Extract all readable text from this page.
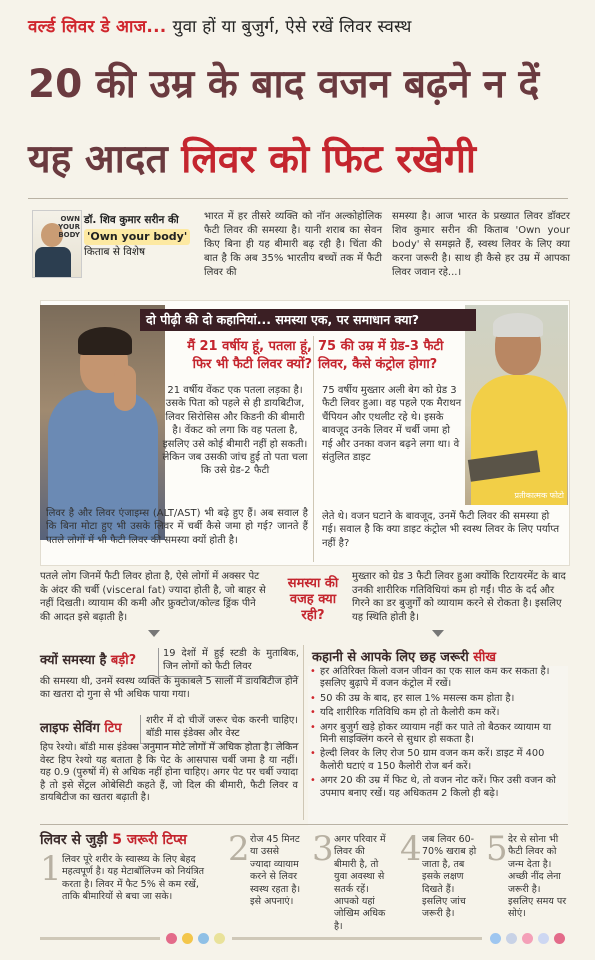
वर्ल्ड लिवर डे आज... युवा हों या बुजुर्ग, ऐसे रखें लिवर स्वस्थ
20 की उम्र के बाद वजन बढ़ने न दें
यह आदत लिवर को फिट रखेगी
OWN YOUR BODY
डॉ. शिव कुमार सरीन की
'Own your body'
किताब से विशेष
भारत में हर तीसरे व्यक्ति को नॉन अल्कोहोलिक फैटी लिवर की समस्या है। यानी शराब का सेवन किए बिना ही यह बीमारी बढ़ रही है। चिंता की बात है कि अब 35% भारतीय बच्चों तक में फैटी लिवर की
समस्या है। आज भारत के प्रख्यात लिवर डॉक्टर शिव कुमार सरीन की किताब 'Own your body' से समझते हैं, स्वस्थ लिवर के लिए क्या करना जरूरी है। साथ ही कैसे हर उम्र में आपका लिवर जवान रहे...।
प्रतीकात्मक फोटो
दो पीढ़ी की दो कहानियां... समस्या एक, पर समाधान क्या?
मैं 21 वर्षीय हूं, पतला हूं, फिर भी फैटी लिवर क्यों?
21 वर्षीय वेंकट एक पतला लड़का है। उसके पिता को पहले से ही डायबिटीज, लिवर सिरोसिस और किडनी की बीमारी है। वेंकट को लगा कि वह पतला है, इसलिए उसे कोई बीमारी नहीं हो सकती। लेकिन जब उसकी जांच हुई तो पता चला कि उसे ग्रेड-2 फैटी
लिवर है और लिवर एंजाइम्स (ALT/AST) भी बढ़े हुए हैं। अब सवाल है कि बिना मोटा हुए भी उसके लिवर में चर्बी कैसे जमा हो गई? जानते हैं पतले लोगों में भी फैटी लिवर की समस्या क्यों होती है।
75 की उम्र में ग्रेड-3 फैटी लिवर, कैसे कंट्रोल होगा?
75 वर्षीय मुख्तार अली बेग को ग्रेड 3 फैटी लिवर हुआ। वह पहले एक मैराथन चैंपियन और एथलीट रहे थे। इसके बावजूद उनके लिवर में चर्बी जमा हो गई और उनका वजन बढ़ने लगा था। वे संतुलित डाइट
लेते थे। वजन घटाने के बावजूद, उनमें फैटी लिवर की समस्या हो गई। सवाल है कि क्या डाइट कंट्रोल भी स्वस्थ लिवर के लिए पर्याप्त नहीं है?
पतले लोग जिनमें फैटी लिवर होता है, ऐसे लोगों में अक्सर पेट के अंदर की चर्बी (visceral fat) ज्यादा होती है, जो बाहर से नहीं दिखती। व्यायाम की कमी और फ्रुक्टोज/कोल्ड ड्रिंक पीने की आदत इसे बढ़ाती है।
समस्या की वजह क्या रही?
मुख्तार को ग्रेड 3 फैटी लिवर हुआ क्योंकि रिटायरमेंट के बाद उनकी शारीरिक गतिविधियां कम हो गईं। पीठ के दर्द और गिरने का डर बुजुर्गों को व्यायाम करने से रोकता है। इसलिए यह स्थिति होती है।
क्यों समस्या है बड़ी?	19 देशों में हुई स्टडी के मुताबिक, जिन लोगों को फैटी लिवर
की समस्या थी, उनमें स्वस्थ व्यक्ति के मुकाबले 5 सालों में डायबिटीज होने का खतरा दो गुना से भी अधिक पाया गया।
लाइफ सेविंग टिप
शरीर में दो चीजें जरूर चेक करनी चाहिए। बॉडी मास इंडेक्स और वेस्ट
हिप रेश्यो। बॉडी मास इंडेक्स अनुमान मोटे लोगों में अधिक होता है। लेकिन वेस्ट हिप रेश्यो यह बताता है कि पेट के आसपास चर्बी जमा है या नहीं। यह 0.9 (पुरुषों में) से अधिक नहीं होना चाहिए। अगर पेट पर चर्बी ज्यादा है तो इसे सेंट्रल ओबेसिटी कहते हैं, जो दिल की बीमारी, फैटी लिवर व डायबिटीज का खतरा बढ़ाती है।
कहानी से आपके लिए छह जरूरी सीख
• हर अतिरिक्त किलो वजन जीवन का एक साल कम कर सकता है। इसलिए बुढ़ापे में वजन कंट्रोल में रखें।
• 50 की उम्र के बाद, हर साल 1% मसल्स कम होता है।
• यदि शारीरिक गतिविधि कम हो तो कैलोरी कम करें।
• अगर बुजुर्ग खड़े होकर व्यायाम नहीं कर पाते तो बैठकर व्यायाम या मिनी साइक्लिंग करने से सुधार हो सकता है।
• हेल्दी लिवर के लिए रोज 50 ग्राम वजन कम करें। डाइट में 400 कैलोरी घटाएं व 150 कैलोरी रोज बर्न करें।
• अगर 20 की उम्र में फिट थे, तो वजन नोट करें। फिर उसी वजन को उपमाप बनाए रखें। यह अधिकतम 2 किलो ही बढ़े।
लिवर से जुड़ी 5 जरूरी टिप्स
1 लिवर पूरे शरीर के स्वास्थ्य के लिए बेहद महत्वपूर्ण है। यह मेटाबॉलिज्म को नियंत्रित करता है। लिवर में फैट 5% से कम रखें, ताकि बीमारियों से बचा जा सके।
2 रोज 45 मिनट या उससे ज्यादा व्यायाम करने से लिवर स्वस्थ रहता है। इसे अपनाएं।
3 अगर परिवार में लिवर की बीमारी है, तो युवा अवस्था से सतर्क रहें। आपको यहां जोखिम अधिक है।
4 जब लिवर 60-70% खराब हो जाता है, तब इसके लक्षण दिखते हैं। इसलिए जांच जरूरी है।
5 देर से सोना भी फैटी लिवर को जन्म देता है। अच्छी नींद लेना जरूरी है। इसलिए समय पर सोएं।
